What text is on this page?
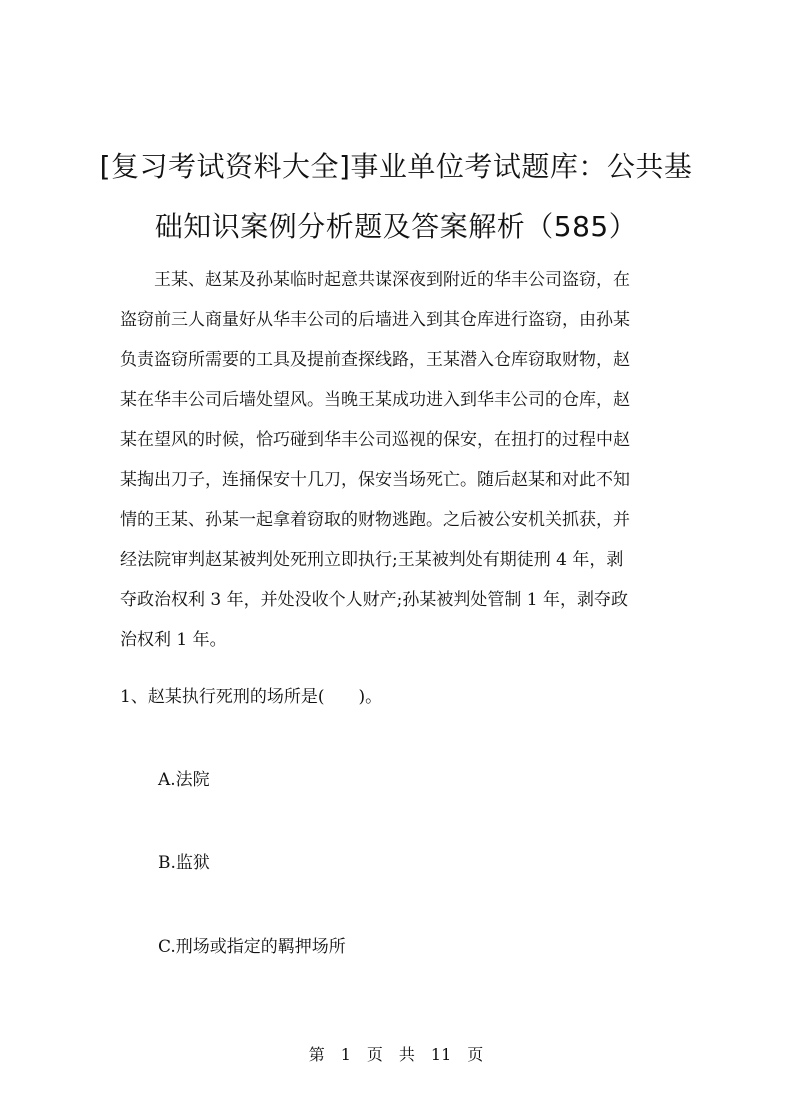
[复习考试资料大全]事业单位考试题库：公共基
础知识案例分析题及答案解析（585）
　　王某、赵某及孙某临时起意共谋深夜到附近的华丰公司盗窃，在
盗窃前三人商量好从华丰公司的后墙进入到其仓库进行盗窃，由孙某
负责盗窃所需要的工具及提前查探线路，王某潜入仓库窃取财物，赵
某在华丰公司后墙处望风。当晚王某成功进入到华丰公司的仓库，赵
某在望风的时候，恰巧碰到华丰公司巡视的保安，在扭打的过程中赵
某掏出刀子，连捅保安十几刀，保安当场死亡。随后赵某和对此不知
情的王某、孙某一起拿着窃取的财物逃跑。之后被公安机关抓获，并
经法院审判赵某被判处死刑立即执行;王某被判处有期徒刑 4 年，剥
夺政治权利 3 年，并处没收个人财产;孙某被判处管制 1 年，剥夺政
治权利 1 年。
1、赵某执行死刑的场所是(　　)。
A.法院
B.监狱
C.刑场或指定的羁押场所
第　1　页　共　11　页
